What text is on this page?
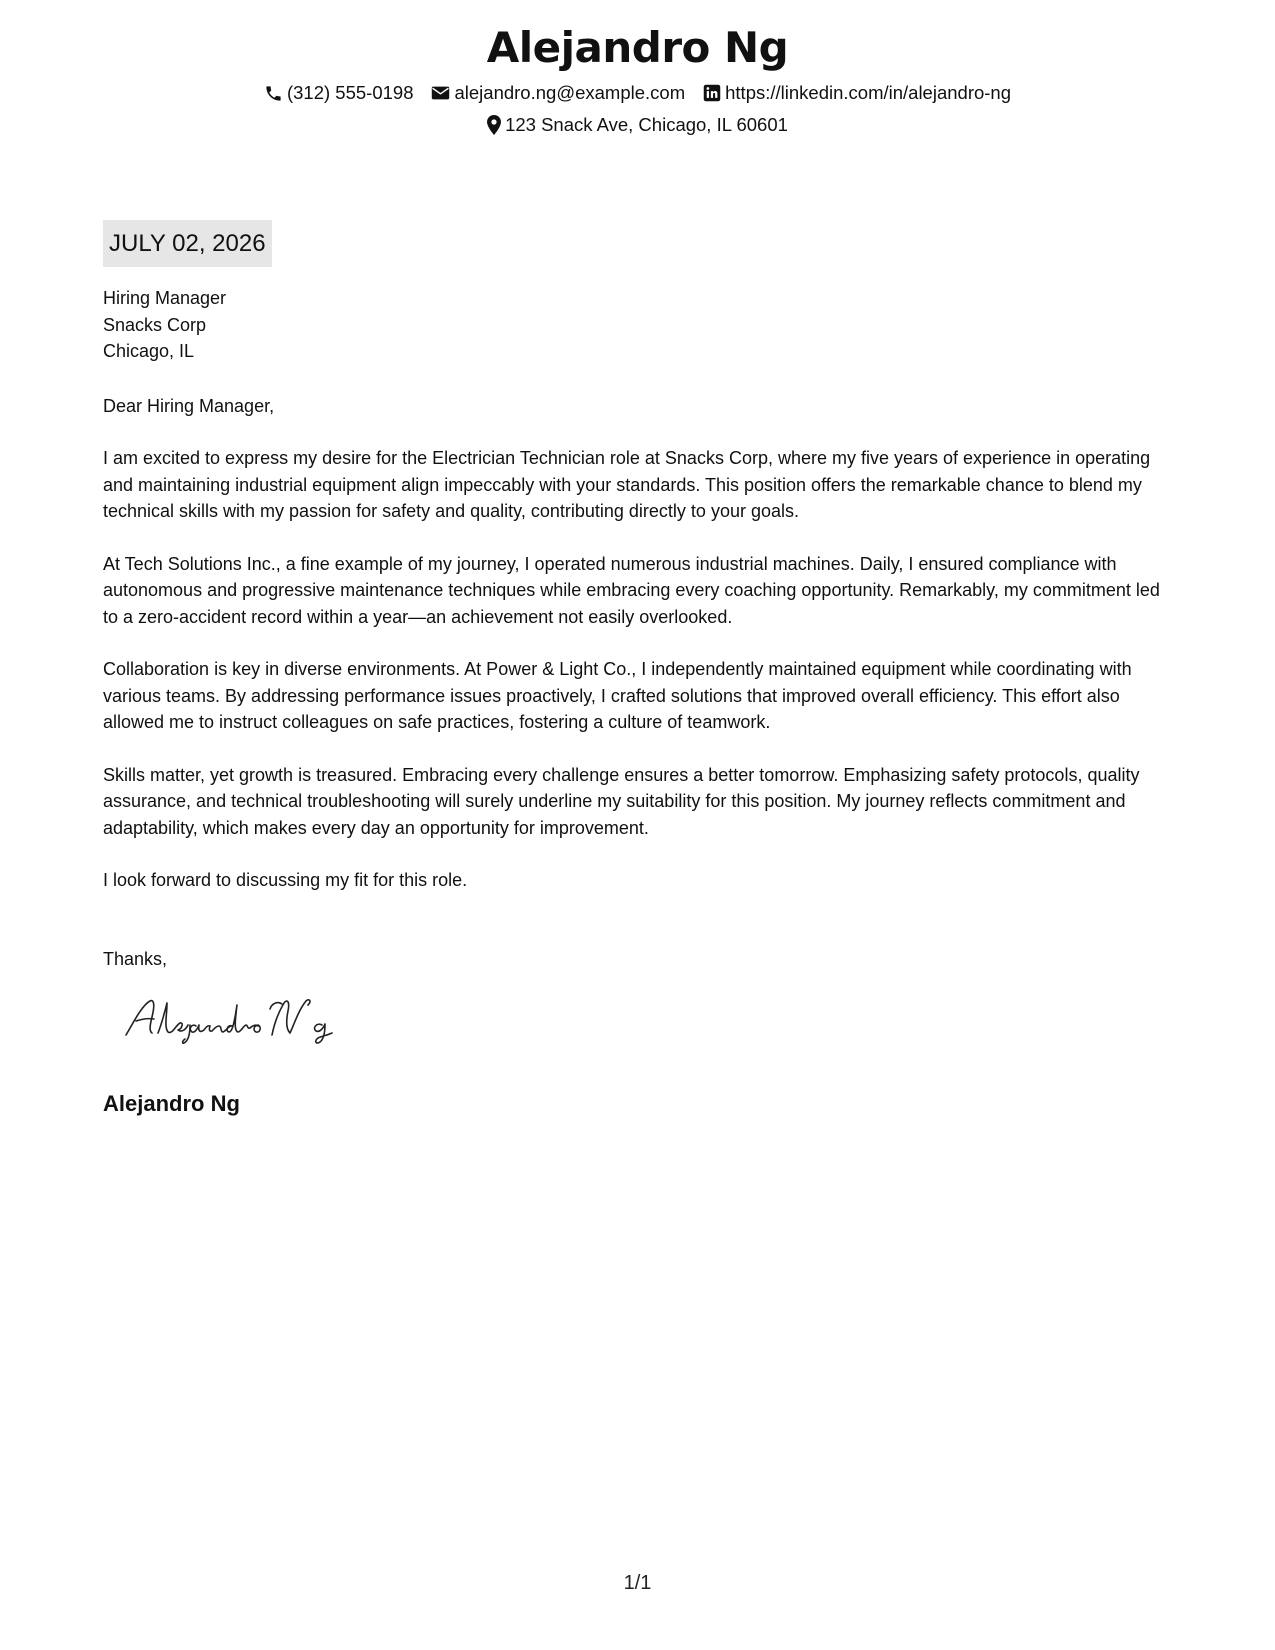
Alejandro Ng
(312) 555-0198 alejandro.ng@example.com https://linkedin.com/in/alejandro-ng
123 Snack Ave, Chicago, IL 60601
JULY 02, 2026
Hiring Manager
Snacks Corp
Chicago, IL
Dear Hiring Manager,

I am excited to express my desire for the Electrician Technician role at Snacks Corp, where my five years of experience in operating and maintaining industrial equipment align impeccably with your standards. This position offers the remarkable chance to blend my technical skills with my passion for safety and quality, contributing directly to your goals.

At Tech Solutions Inc., a fine example of my journey, I operated numerous industrial machines. Daily, I ensured compliance with autonomous and progressive maintenance techniques while embracing every coaching opportunity. Remarkably, my commitment led to a zero-accident record within a year—an achievement not easily overlooked.

Collaboration is key in diverse environments. At Power & Light Co., I independently maintained equipment while coordinating with various teams. By addressing performance issues proactively, I crafted solutions that improved overall efficiency. This effort also allowed me to instruct colleagues on safe practices, fostering a culture of teamwork.

Skills matter, yet growth is treasured. Embracing every challenge ensures a better tomorrow. Emphasizing safety protocols, quality assurance, and technical troubleshooting will surely underline my suitability for this position. My journey reflects commitment and adaptability, which makes every day an opportunity for improvement.

I look forward to discussing my fit for this role.

Thanks,
Alejandro Ng
1/1
